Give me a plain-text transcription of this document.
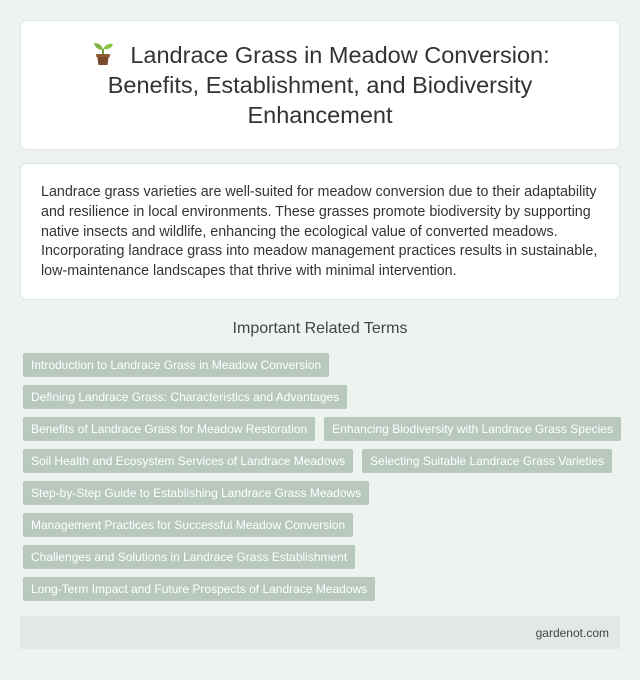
Landrace Grass in Meadow Conversion: Benefits, Establishment, and Biodiversity Enhancement

Landrace grass varieties are well-suited for meadow conversion due to their adaptability and resilience in local environments. These grasses promote biodiversity by supporting native insects and wildlife, enhancing the ecological value of converted meadows. Incorporating landrace grass into meadow management practices results in sustainable, low-maintenance landscapes that thrive with minimal intervention.

Important Related Terms
Introduction to Landrace Grass in Meadow Conversion
Defining Landrace Grass: Characteristics and Advantages
Benefits of Landrace Grass for Meadow Restoration	Enhancing Biodiversity with Landrace Grass Species
Soil Health and Ecosystem Services of Landrace Meadows	Selecting Suitable Landrace Grass Varieties
Step-by-Step Guide to Establishing Landrace Grass Meadows
Management Practices for Successful Meadow Conversion
Challenges and Solutions in Landrace Grass Establishment
Long-Term Impact and Future Prospects of Landrace Meadows
gardenot.com
